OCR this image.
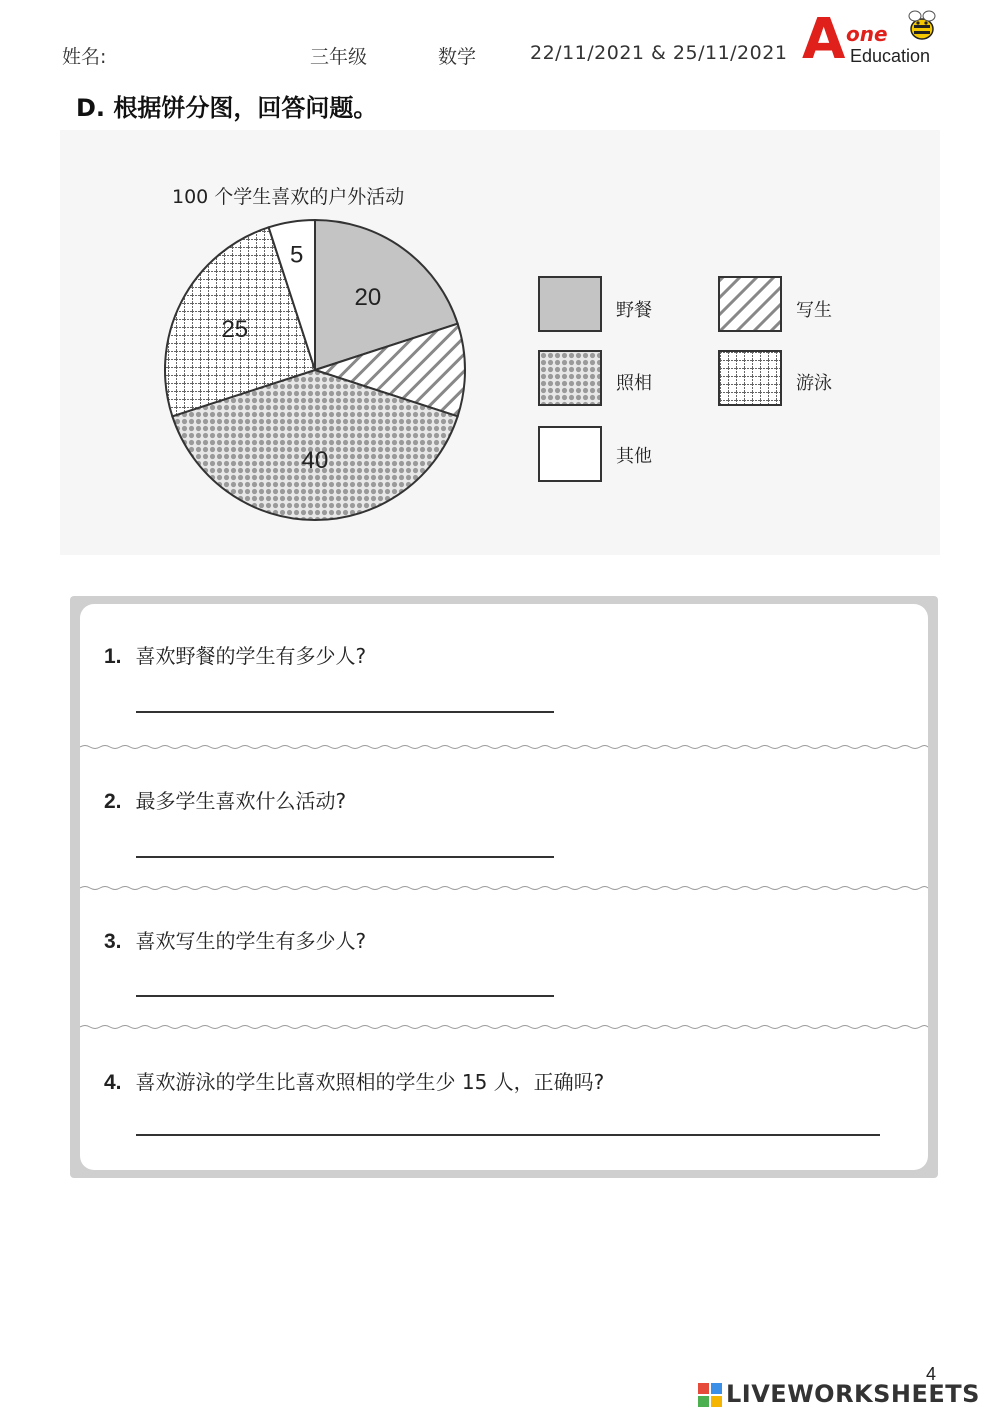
姓名:	三年级	数学	22/11/2021 & 25/11/2021 A one
Education
D. 根据饼分图，回答问题。
100 个学生喜欢的户外活动
20
40
25
5
野餐	写生
照相	游泳
其他
1. 喜欢野餐的学生有多少人?
2. 最多学生喜欢什么活动?
3. 喜欢写生的学生有多少人?
4. 喜欢游泳的学生比喜欢照相的学生少 15 人，正确吗?
4
LIVEWORKSHEETS
